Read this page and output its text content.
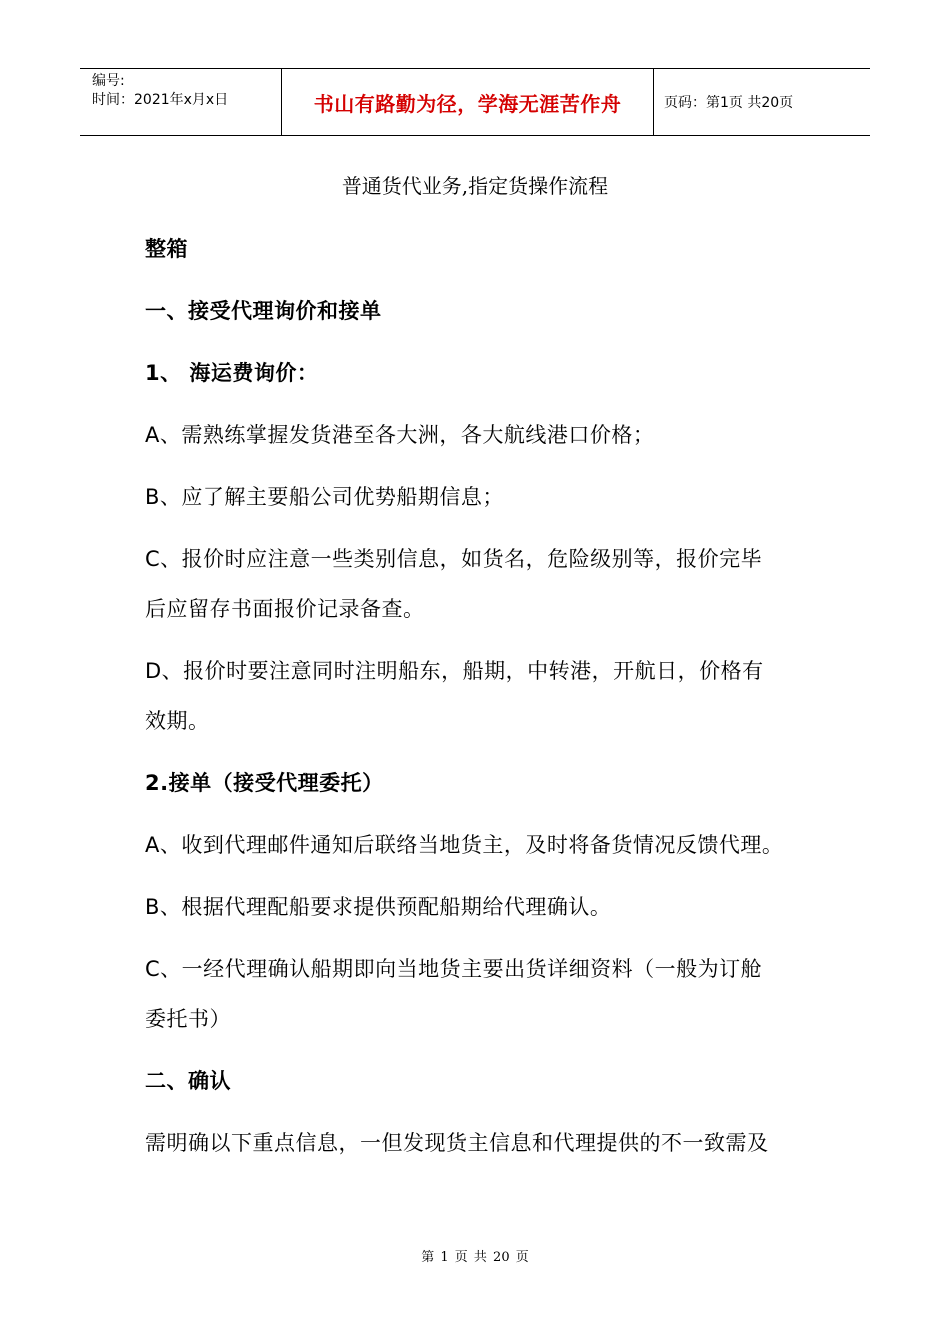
编号:
时间：2021年x月x日	书山有路勤为径，学海无涯苦作舟	页码：第1页 共20页
普通货代业务,指定货操作流程
整箱
一、接受代理询价和接单
1、 海运费询价：
A、需熟练掌握发货港至各大洲，各大航线港口价格；
B、应了解主要船公司优势船期信息；
C、报价时应注意一些类别信息，如货名，危险级别等，报价完毕
后应留存书面报价记录备查。
D、报价时要注意同时注明船东，船期，中转港，开航日，价格有
效期。
2.接单（接受代理委托）
A、收到代理邮件通知后联络当地货主，及时将备货情况反馈代理。
B、根据代理配船要求提供预配船期给代理确认。
C、一经代理确认船期即向当地货主要出货详细资料（一般为订舱
委托书）
二、确认
需明确以下重点信息，一但发现货主信息和代理提供的不一致需及
第 1 页 共 20 页
